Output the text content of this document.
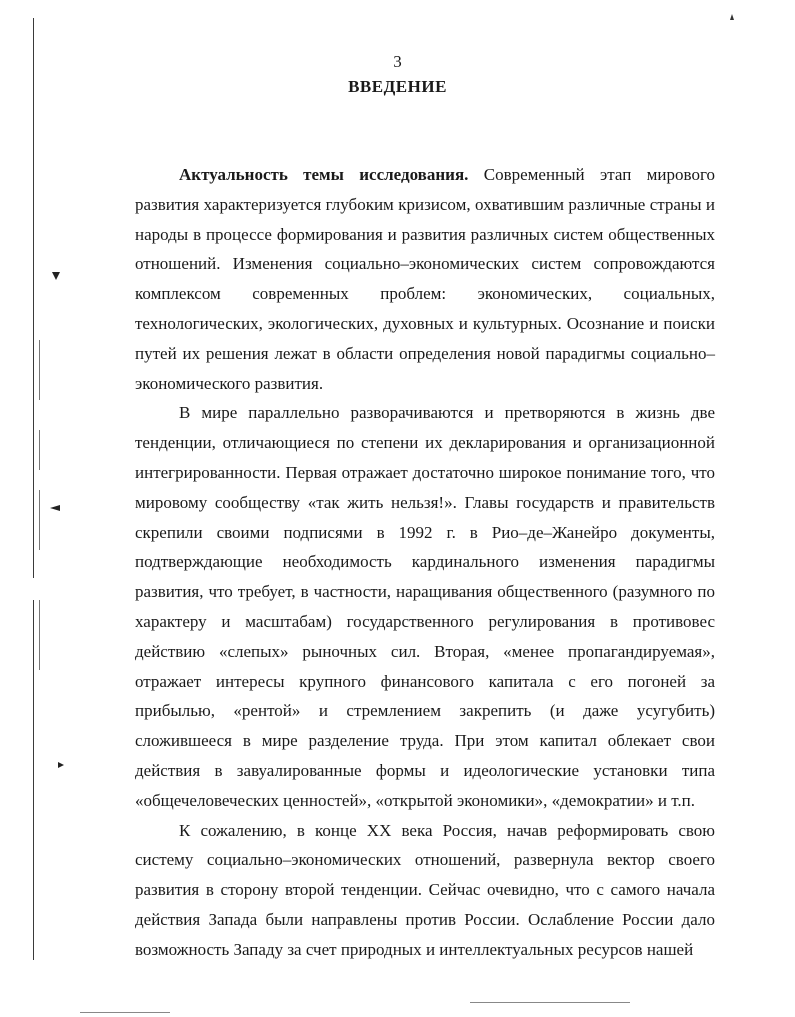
3
ВВЕДЕНИЕ

Актуальность темы исследования. Современный этап мирового развития характеризуется глубоким кризисом, охватившим различные страны и народы в процессе формирования и развития различных систем общественных отношений. Изменения социально–экономических систем сопровождаются комплексом современных проблем: экономических, социальных, технологических, экологических, духовных и культурных. Осознание и поиски путей их решения лежат в области определения новой парадигмы социально–экономического развития.

В мире параллельно разворачиваются и претворяются в жизнь две тенденции, отличающиеся по степени их декларирования и организационной интегрированности. Первая отражает достаточно широкое понимание того, что мировому сообществу «так жить нельзя!». Главы государств и правительств скрепили своими подписями в 1992 г. в Рио–де–Жанейро документы, подтверждающие необходимость кардинального изменения парадигмы развития, что требует, в частности, наращивания общественного (разумного по характеру и масштабам) государственного регулирования в противовес действию «слепых» рыночных сил. Вторая, «менее пропагандируемая», отражает интересы крупного финансового капитала с его погоней за прибылью, «рентой» и стремлением закрепить (и даже усугубить) сложившееся в мире разделение труда. При этом капитал облекает свои действия в завуалированные формы и идеологические установки типа «общечеловеческих ценностей», «открытой экономики», «демократии» и т.п.

К сожалению, в конце XX века Россия, начав реформировать свою систему социально–экономических отношений, развернула вектор своего развития в сторону второй тенденции. Сейчас очевидно, что с самого начала действия Запада были направлены против России. Ослабление России дало возможность Западу за счет природных и интеллектуальных ресурсов нашей
